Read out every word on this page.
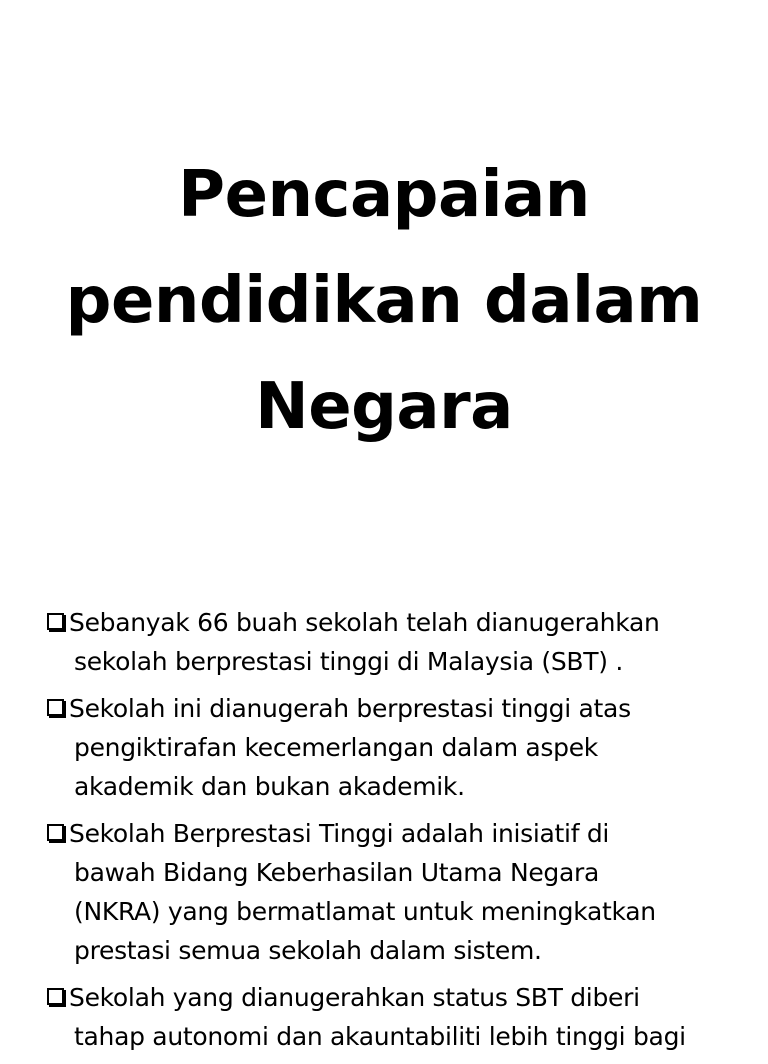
Pencapaian
pendidikan dalam
Negara
Sebanyak 66 buah sekolah telah dianugerahkan
sekolah berprestasi tinggi di Malaysia (SBT) .
Sekolah ini dianugerah berprestasi tinggi atas
pengiktirafan kecemerlangan dalam aspek
akademik dan bukan akademik.
Sekolah Berprestasi Tinggi adalah inisiatif di
bawah Bidang Keberhasilan Utama Negara
(NKRA) yang bermatlamat untuk meningkatkan
prestasi semua sekolah dalam sistem.
Sekolah yang dianugerahkan status SBT diberi
tahap autonomi dan akauntabiliti lebih tinggi bagi
